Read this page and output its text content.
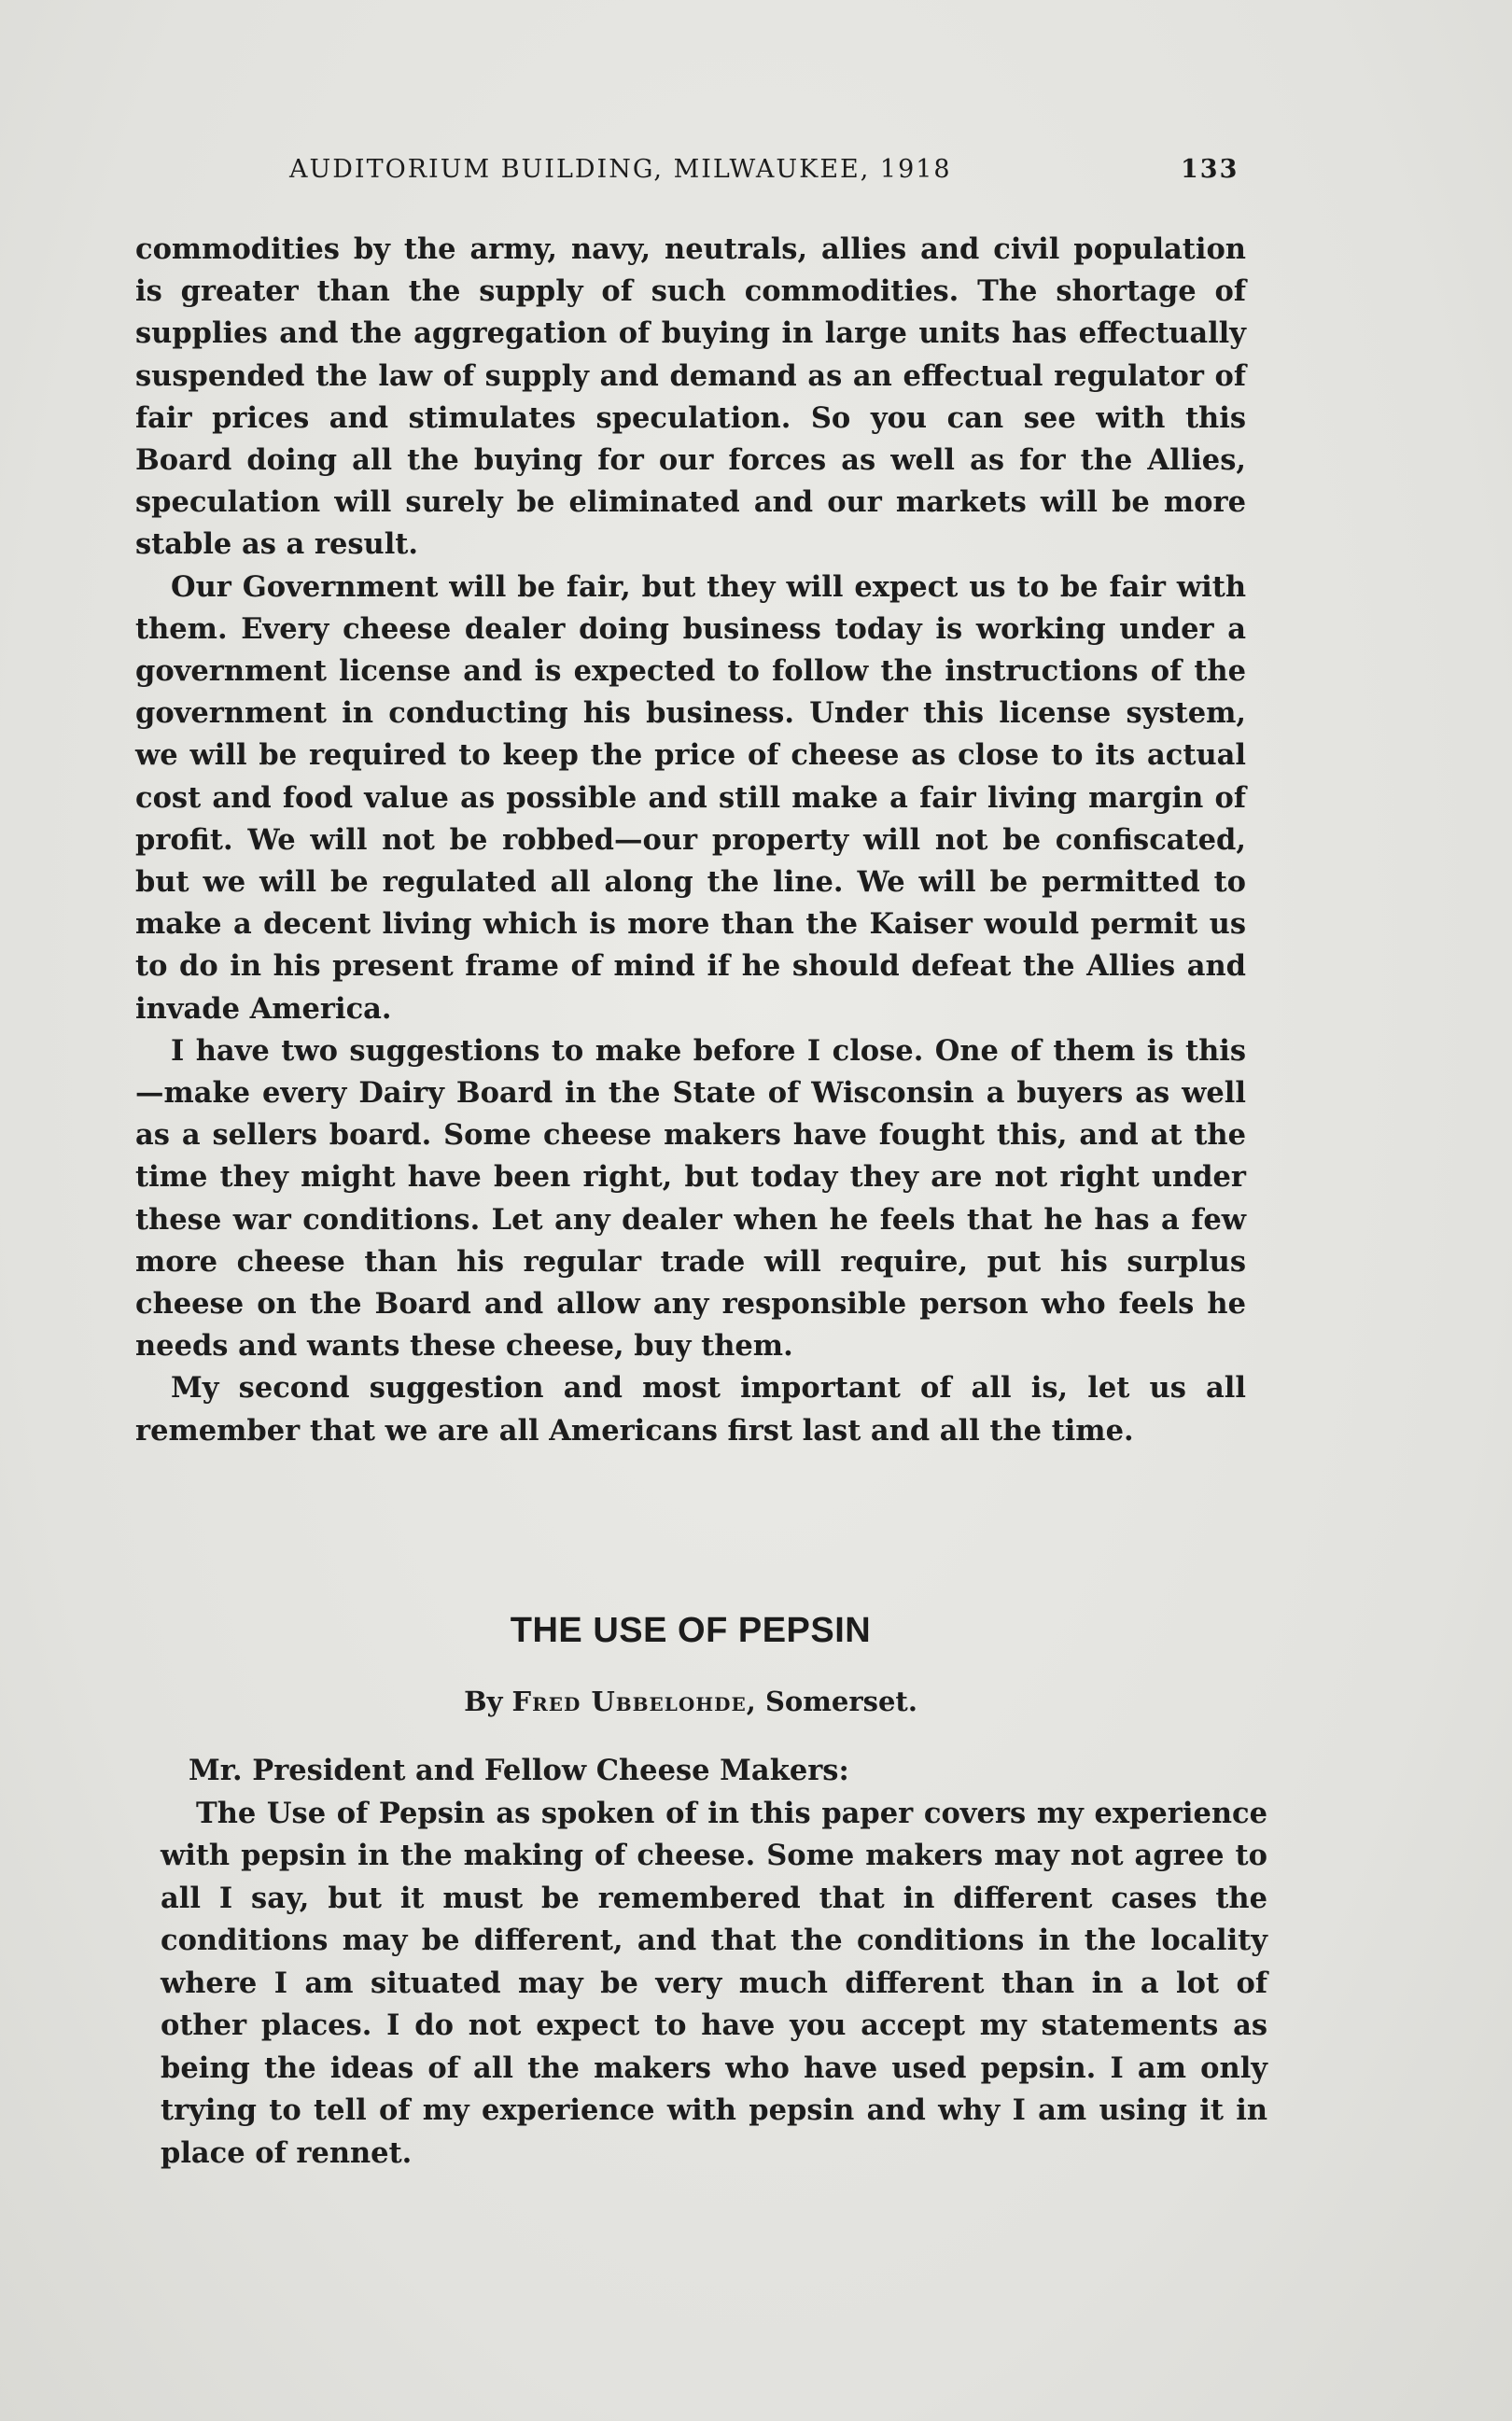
AUDITORIUM BUILDING, MILWAUKEE, 1918	133

commodities by the army, navy, neutrals, allies and civil population is greater than the supply of such commodities. The shortage of supplies and the aggregation of buying in large units has effectually suspended the law of supply and demand as an effectual regulator of fair prices and stimulates speculation. So you can see with this Board doing all the buying for our forces as well as for the Allies, speculation will surely be eliminated and our markets will be more stable as a result.

Our Government will be fair, but they will expect us to be fair with them. Every cheese dealer doing business today is working under a government license and is expected to follow the instructions of the government in conducting his business. Under this license system, we will be required to keep the price of cheese as close to its actual cost and food value as possible and still make a fair living margin of profit. We will not be robbed—our property will not be confiscated, but we will be regulated all along the line. We will be permitted to make a decent living which is more than the Kaiser would permit us to do in his present frame of mind if he should defeat the Allies and invade America.

I have two suggestions to make before I close. One of them is this—make every Dairy Board in the State of Wisconsin a buyers as well as a sellers board. Some cheese makers have fought this, and at the time they might have been right, but today they are not right under these war conditions. Let any dealer when he feels that he has a few more cheese than his regular trade will require, put his surplus cheese on the Board and allow any responsible person who feels he needs and wants these cheese, buy them.

My second suggestion and most important of all is, let us all remember that we are all Americans first last and all the time.

THE USE OF PEPSIN
By Fred Ubbelohde, Somerset.

Mr. President and Fellow Cheese Makers:

The Use of Pepsin as spoken of in this paper covers my experience with pepsin in the making of cheese. Some makers may not agree to all I say, but it must be remembered that in different cases the conditions may be different, and that the conditions in the locality where I am situated may be very much different than in a lot of other places. I do not expect to have you accept my statements as being the ideas of all the makers who have used pepsin. I am only trying to tell of my experience with pepsin and why I am using it in place of rennet.
